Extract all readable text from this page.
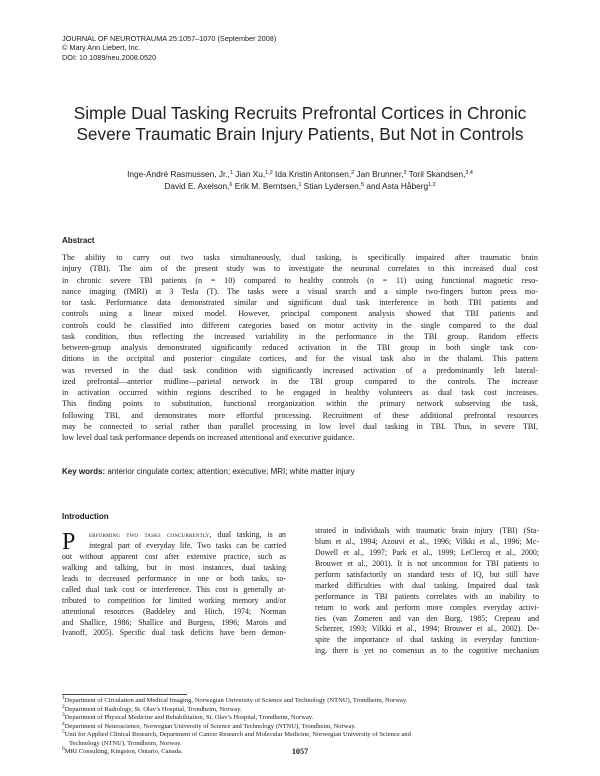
JOURNAL OF NEUROTRAUMA 25:1057–1070 (September 2008)
© Mary Ann Liebert, Inc.
DOI: 10.1089/neu.2008.0520
Simple Dual Tasking Recruits Prefrontal Cortices in Chronic
Severe Traumatic Brain Injury Patients, But Not in Controls
Inge-André Rasmussen, Jr.,$^1$ Jian Xu,$^{1,2}$ Ida Kristin Antonsen,$^2$ Jan Brunner,$^3$ Toril Skandsen,$^{3,4}$
David E. Axelson,$^6$ Erik M. Berntsen,$^1$ Stian Lydersen,$^5$ and Asta Håberg$^{1,2}$
Abstract
The ability to carry out two tasks simultaneously, dual tasking, is specifically impaired after traumatic brain
injury (TBI). The aim of the present study was to investigate the neuronal correlates to this increased dual cost
in chronic severe TBI patients (n = 10) compared to healthy controls (n = 11) using functional magnetic reso-
nance imaging (fMRI) at 3 Tesla (T). The tasks were a visual search and a simple two-fingers button press mo-
tor task. Performance data demonstrated similar and significant dual task interference in both TBI patients and
controls using a linear mixed model. However, principal component analysis showed that TBI patients and
controls could be classified into different categories based on motor activity in the single compared to the dual
task condition, thus reflecting the increased variability in the performance in the TBI group. Random effects
between-group analysis demonstrated significantly reduced activation in the TBI group in both single task con-
ditions in the occipital and posterior cingulate cortices, and for the visual task also in the thalami. This pattern
was reversed in the dual task condition with significantly increased activation of a predominantly left lateral-
ized prefrontal—anterior midline—parietal network in the TBI group compared to the controls. The increase
in activation occurred within regions described to be engaged in healthy volunteers as dual task cost increases.
This finding points to substitution, functional reorganization within the primary network subserving the task,
following TBI, and demonstrates more effortful processing. Recruitment of these additional prefrontal resources
may be connected to serial rather than parallel processing in low level dual tasking in TBI. Thus, in severe TBI,
low level dual task performance depends on increased attentional and executive guidance.
Key words: anterior cingulate cortex; attention; executive; MRI; white matter injury
Introduction
P	erforming two tasks concurrently, dual tasking, is an
integral part of everyday life. Two tasks can be carried
out without apparent cost after extensive practice, such as
walking and talking, but in most instances, dual tasking
leads to decreased performance in one or both tasks, so-
called dual task cost or interference. This cost is generally at-
tributed to competition for limited working memory and/or
attentional resources (Baddeley and Hitch, 1974; Norman
and Shallice, 1986; Shallice and Burgess, 1996; Marois and
Ivanoff, 2005). Specific dual task deficits have been demon-
strated in individuals with traumatic brain injury (TBI) (Sta-
blum et al., 1994; Azouvi et al., 1996; Vilkki et al., 1996; Mc-
Dowell et al., 1997; Park et al., 1999; LeClercq et al., 2000;
Brouwer et al., 2001). It is not uncommon for TBI patients to
perform satisfactorily on standard tests of IQ, but still have
marked difficulties with dual tasking. Impaired dual task
performance in TBI patients correlates with an inability to
return to work and perform more complex everyday activi-
ties (van Zomeren and van den Burg, 1985; Crepeau and
Scherzer, 1993; Vilkki et al., 1994; Brouwer et al., 2002). De-
spite the importance of dual tasking in everyday function-
ing, there is yet no consensus as to the cognitive mechanism
$^1$Department of Circulation and Medical Imaging, Norwegian University of Science and Technology (NTNU), Trondheim, Norway.
$^2$Department of Radiology, St. Olav’s Hospital, Trondheim, Norway.
$^3$Department of Physical Medicine and Rehabilitation, St. Olav’s Hospital, Trondheim, Norway.
$^4$Department of Neuroscience, Norwegian University of Science and Technology (NTNU), Trondheim, Norway.
$^5$Unit for Applied Clinical Research, Department of Cancer Research and Molecular Medicine, Norwegian University of Science and
Technology (NTNU), Trondheim, Norway.
$^6$MRI Consulting, Kingston, Ontario, Canada.	1057
